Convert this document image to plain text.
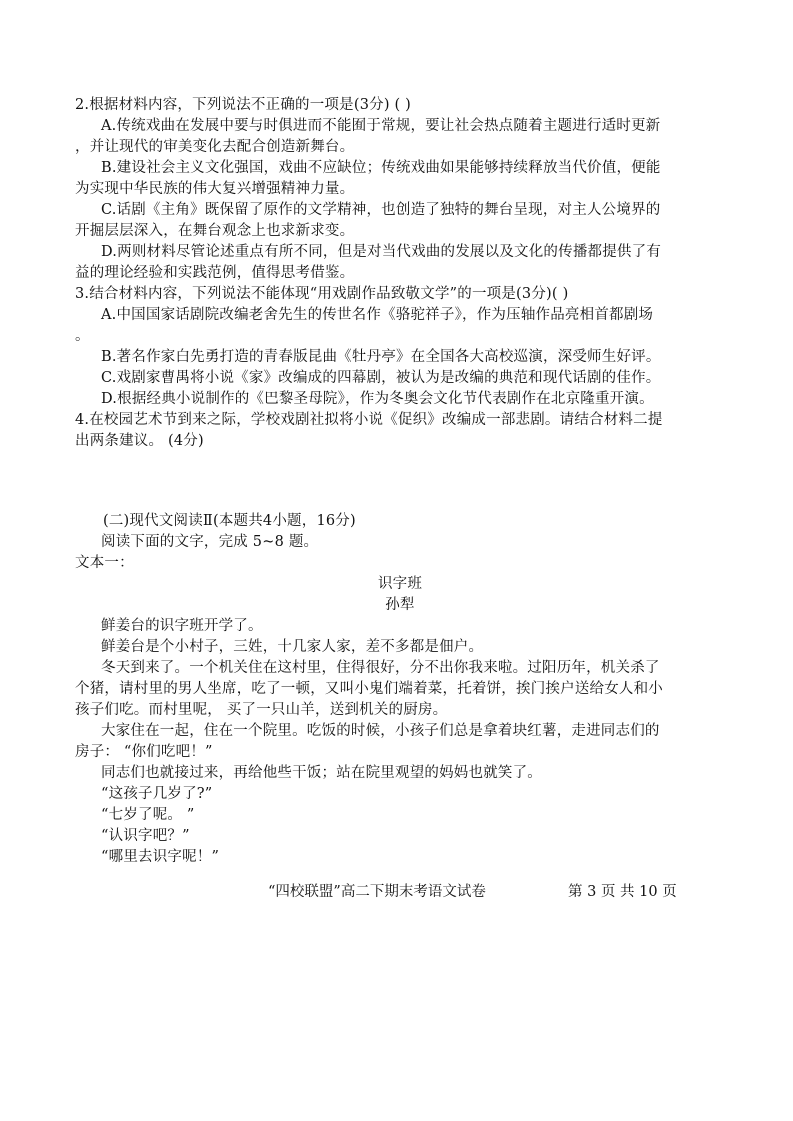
2.根据材料内容，下列说法不正确的一项是(3分) ( )
A.传统戏曲在发展中要与时俱进而不能囿于常规，要让社会热点随着主题进行适时更新
，并让现代的审美变化去配合创造新舞台。
B.建设社会主义文化强国，戏曲不应缺位；传统戏曲如果能够持续释放当代价值，便能
为实现中华民族的伟大复兴增强精神力量。
C.话剧《主角》既保留了原作的文学精神，也创造了独特的舞台呈现，对主人公境界的
开掘层层深入，在舞台观念上也求新求变。
D.两则材料尽管论述重点有所不同，但是对当代戏曲的发展以及文化的传播都提供了有
益的理论经验和实践范例，值得思考借鉴。
3.结合材料内容，下列说法不能体现“用戏剧作品致敬文学”的一项是(3分)( )
A.中国国家话剧院改编老舍先生的传世名作《骆驼祥子》，作为压轴作品亮相首都剧场
。
B.著名作家白先勇打造的青春版昆曲《牡丹亭》在全国各大高校巡演，深受师生好评。
C.戏剧家曹禺将小说《家》改编成的四幕剧，被认为是改编的典范和现代话剧的佳作。
D.根据经典小说制作的《巴黎圣母院》，作为冬奥会文化节代表剧作在北京隆重开演。
4.在校园艺术节到来之际，学校戏剧社拟将小说《促织》改编成一部悲剧。请结合材料二提
出两条建议。 (4分)
(二)现代文阅读Ⅱ(本题共4小题，16分)
阅读下面的文字，完成 5~8 题。
文本一：
识字班
孙犁
鲜姜台的识字班开学了。
鲜姜台是个小村子，三姓，十几家人家，差不多都是佃户。
冬天到来了。一个机关住在这村里，住得很好，分不出你我来啦。过阳历年，机关杀了
个猪，请村里的男人坐席，吃了一顿，又叫小鬼们端着菜，托着饼，挨门挨户送给女人和小
孩子们吃。而村里呢， 买了一只山羊，送到机关的厨房。
大家住在一起，住在一个院里。吃饭的时候，小孩子们总是拿着块红薯，走进同志们的
房子： “你们吃吧！”
同志们也就接过来，再给他些干饭；站在院里观望的妈妈也就笑了。
“这孩子几岁了?”
“七岁了呢。 ”
“认识字吧？”
“哪里去识字呢！”
“四校联盟”高二下期末考语文试卷	第 3 页 共 10 页
